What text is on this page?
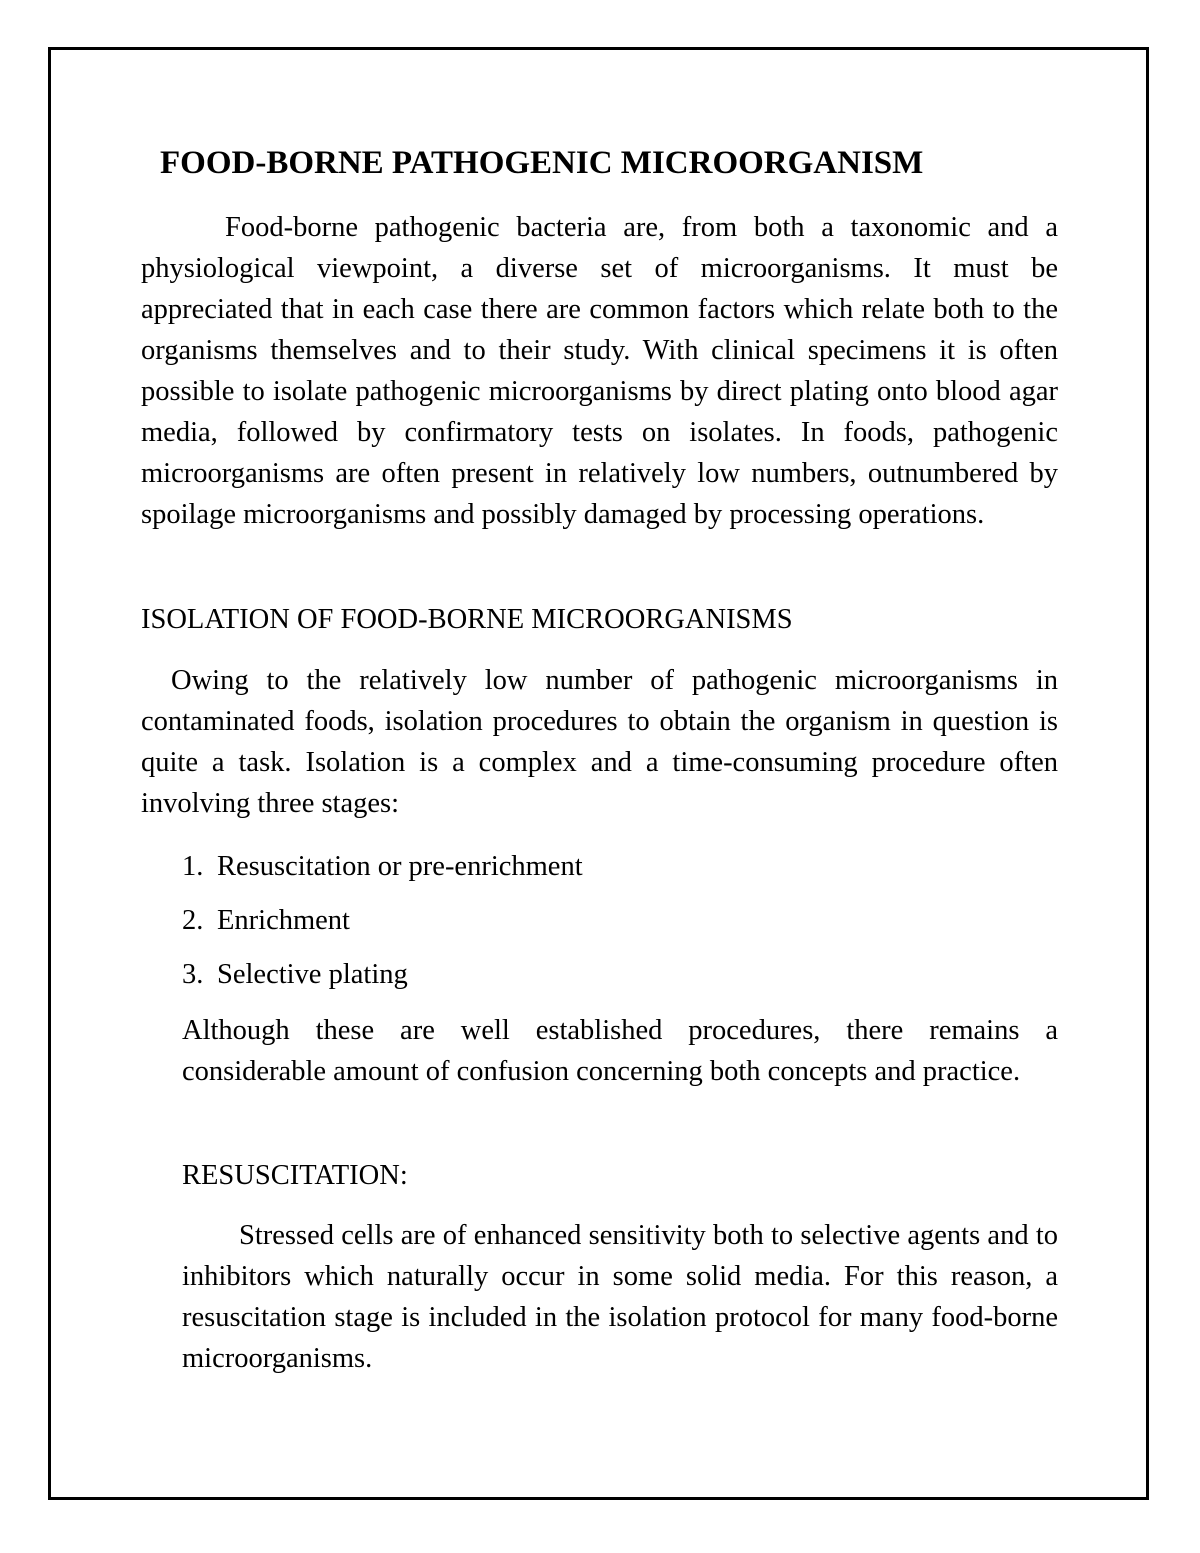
FOOD-BORNE PATHOGENIC MICROORGANISM

Food-borne pathogenic bacteria are, from both a taxonomic and a physiological viewpoint, a diverse set of microorganisms. It must be appreciated that in each case there are common factors which relate both to the organisms themselves and to their study. With clinical specimens it is often possible to isolate pathogenic microorganisms by direct plating onto blood agar media, followed by confirmatory tests on isolates. In foods, pathogenic microorganisms are often present in relatively low numbers, outnumbered by spoilage microorganisms and possibly damaged by processing operations.

ISOLATION OF FOOD-BORNE MICROORGANISMS

Owing to the relatively low number of pathogenic microorganisms in contaminated foods, isolation procedures to obtain the organism in question is quite a task. Isolation is a complex and a time-consuming procedure often involving three stages:

1. Resuscitation or pre-enrichment
2. Enrichment
3. Selective plating

Although these are well established procedures, there remains a considerable amount of confusion concerning both concepts and practice.

RESUSCITATION:

Stressed cells are of enhanced sensitivity both to selective agents and to inhibitors which naturally occur in some solid media. For this reason, a resuscitation stage is included in the isolation protocol for many food-borne microorganisms.
